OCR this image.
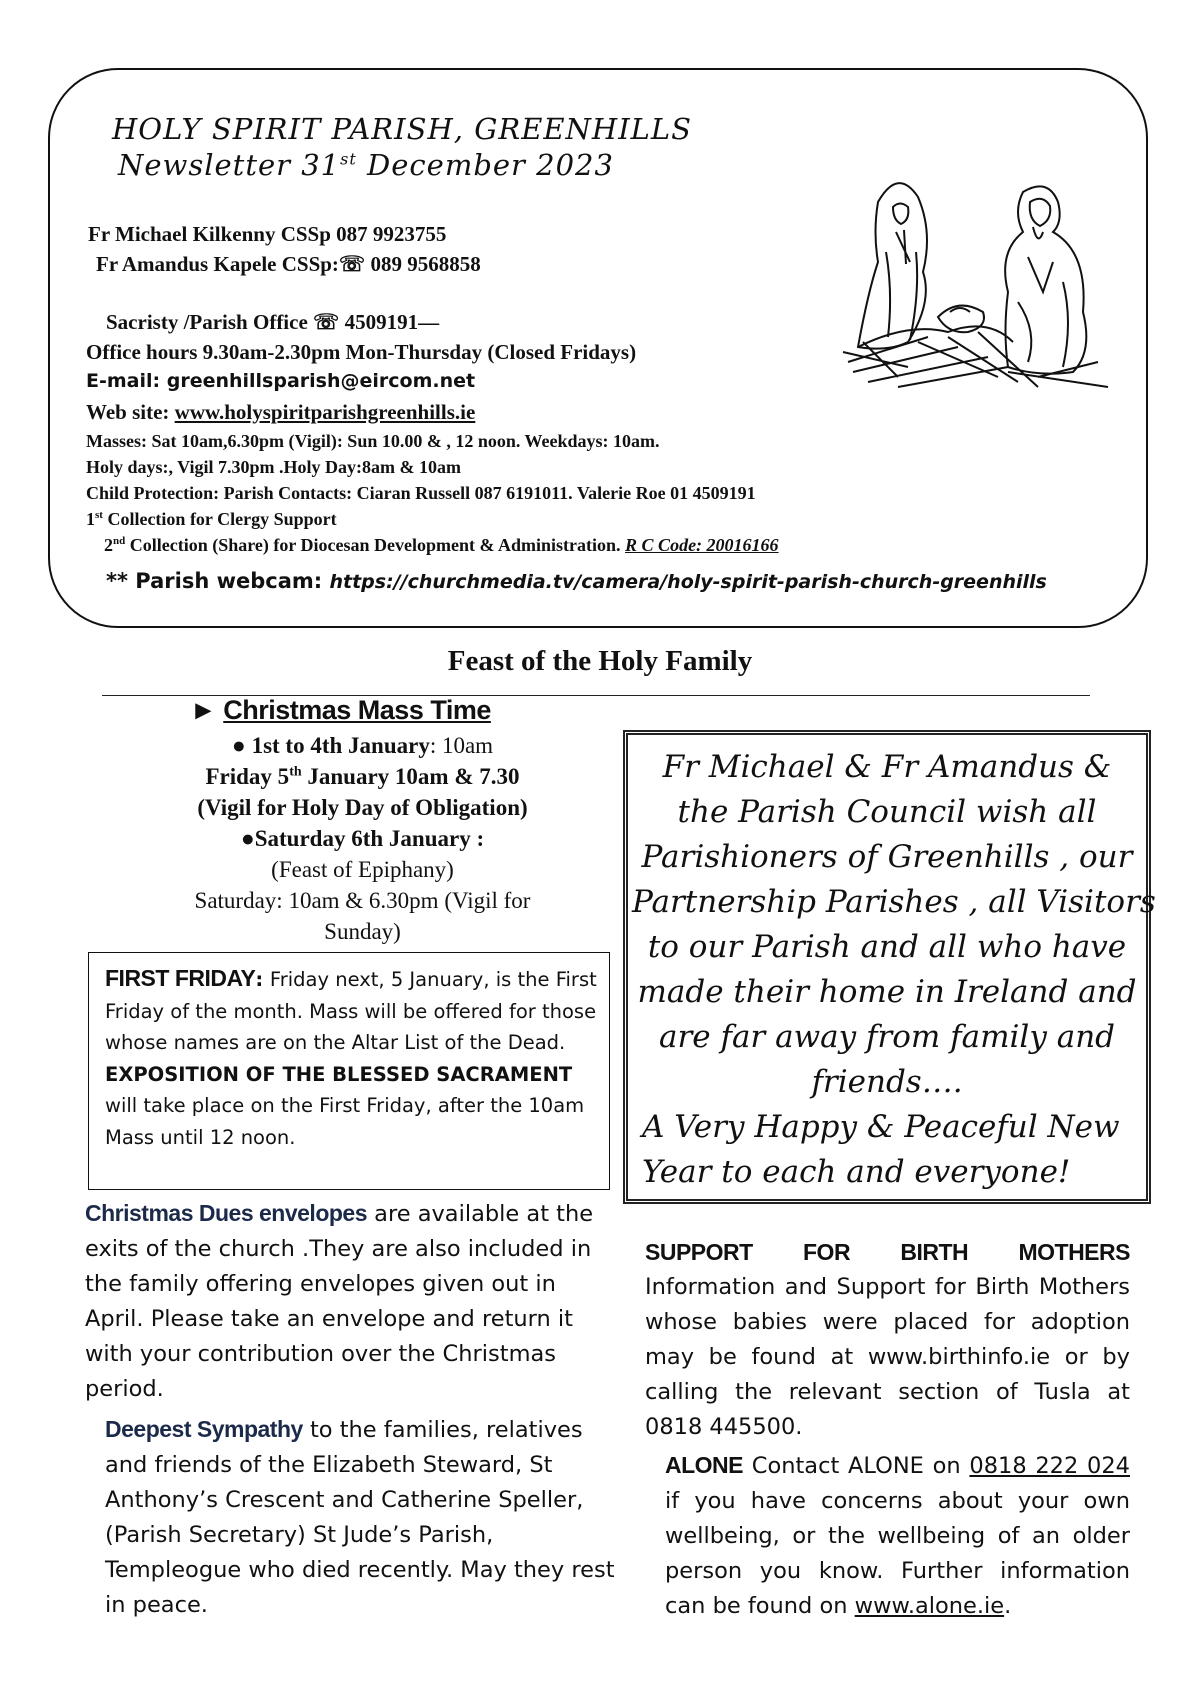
HOLY SPIRIT PARISH, GREENHILLS
Newsletter 31st December 2023
Fr Michael Kilkenny CSSp 087 9923755
Fr Amandus Kapele CSSp:☏ 089 9568858
Sacristy /Parish Office ☏ 4509191—
Office hours 9.30am-2.30pm Mon-Thursday (Closed Fridays)
E-mail: greenhillsparish@eircom.net
Web site: www.holyspiritparishgreenhills.ie
Masses: Sat 10am,6.30pm (Vigil): Sun 10.00 & , 12 noon. Weekdays: 10am.
Holy days:, Vigil 7.30pm .Holy Day:8am & 10am
Child Protection: Parish Contacts: Ciaran Russell 087 6191011. Valerie Roe 01 4509191
1st Collection for Clergy Support
2nd Collection (Share) for Diocesan Development & Administration. R C Code: 20016166
** Parish webcam: https://churchmedia.tv/camera/holy-spirit-parish-church-greenhills
Feast of the Holy Family
► Christmas Mass Time
● 1st to 4th January: 10am
Friday 5th January 10am & 7.30
(Vigil for Holy Day of Obligation)
●Saturday 6th January :
(Feast of Epiphany)
Saturday: 10am & 6.30pm (Vigil for
Sunday)
FIRST FRIDAY: Friday next, 5 January, is the First Friday of the month. Mass will be offered for those whose names are on the Altar List of the Dead. EXPOSITION OF THE BLESSED SACRAMENT will take place on the First Friday, after the 10am Mass until 12 noon.
Fr Michael & Fr Amandus &
the Parish Council wish all
Parishioners of Greenhills , our
Partnership Parishes , all Visitors
to our Parish and all who have
made their home in Ireland and
are far away from family and
friends….
A Very Happy & Peaceful New
Year to each and everyone!
Christmas Dues envelopes are available at the exits of the church .They are also included in the family offering envelopes given out in April. Please take an envelope and return it with your contribution over the Christmas period.
Deepest Sympathy to the families, relatives and friends of the Elizabeth Steward, St Anthony’s Crescent and Catherine Speller,(Parish Secretary) St Jude’s Parish, Templeogue who died recently. May they rest in peace.
SUPPORT FOR BIRTH MOTHERS
Information and Support for Birth Mothers whose babies were placed for adoption may be found at www.birthinfo.ie or by calling the relevant section of Tusla at 0818 445500.
ALONE Contact ALONE on 0818 222 024 if you have concerns about your own wellbeing, or the wellbeing of an older person you know. Further information can be found on www.alone.ie.
